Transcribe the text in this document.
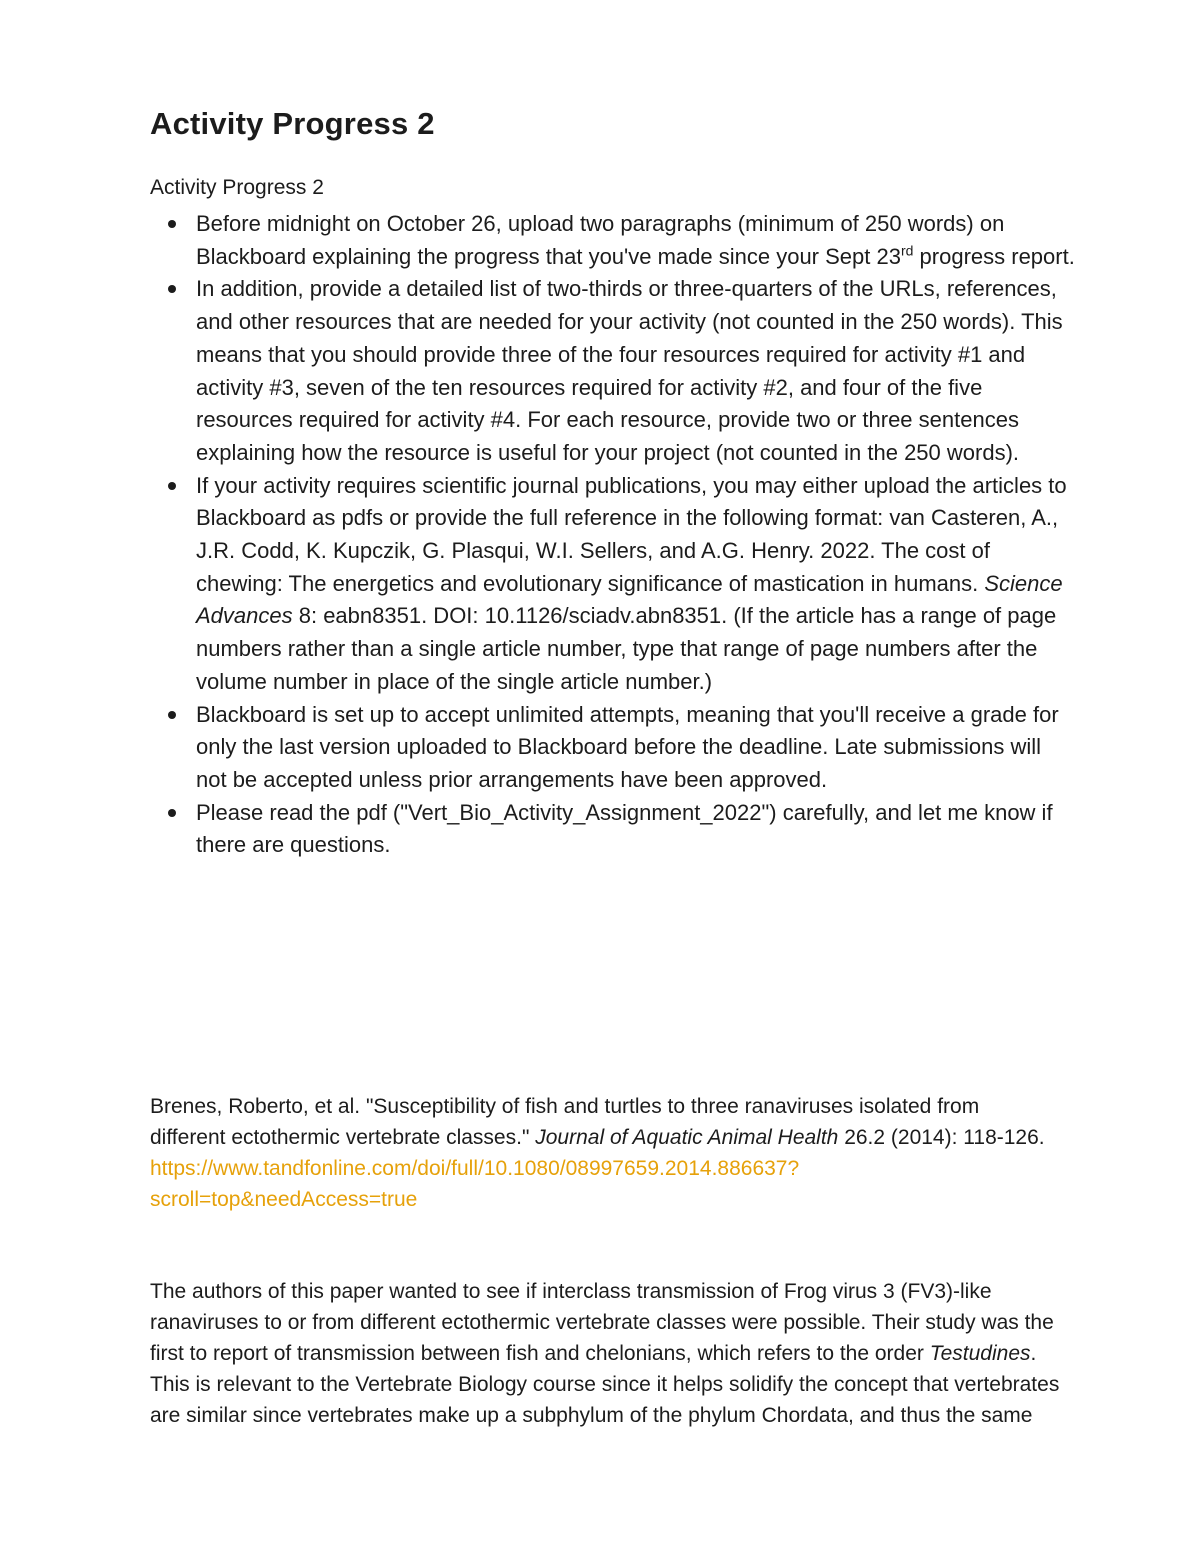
Activity Progress 2

Activity Progress 2

Before midnight on October 26, upload two paragraphs (minimum of 250 words) on Blackboard explaining the progress that you've made since your Sept 23rd progress report.
In addition, provide a detailed list of two-thirds or three-quarters of the URLs, references, and other resources that are needed for your activity (not counted in the 250 words). This means that you should provide three of the four resources required for activity #1 and activity #3, seven of the ten resources required for activity #2, and four of the five resources required for activity #4. For each resource, provide two or three sentences explaining how the resource is useful for your project (not counted in the 250 words).
If your activity requires scientific journal publications, you may either upload the articles to Blackboard as pdfs or provide the full reference in the following format: van Casteren, A., J.R. Codd, K. Kupczik, G. Plasqui, W.I. Sellers, and A.G. Henry. 2022. The cost of chewing: The energetics and evolutionary significance of mastication in humans. Science Advances 8: eabn8351. DOI: 10.1126/sciadv.abn8351. (If the article has a range of page numbers rather than a single article number, type that range of page numbers after the volume number in place of the single article number.)
Blackboard is set up to accept unlimited attempts, meaning that you'll receive a grade for only the last version uploaded to Blackboard before the deadline. Late submissions will not be accepted unless prior arrangements have been approved.
Please read the pdf ("Vert_Bio_Activity_Assignment_2022") carefully, and let me know if there are questions.

Brenes, Roberto, et al. "Susceptibility of fish and turtles to three ranaviruses isolated from different ectothermic vertebrate classes." Journal of Aquatic Animal Health 26.2 (2014): 118-126.
https://www.tandfonline.com/doi/full/10.1080/08997659.2014.886637?
scroll=top&needAccess=true

The authors of this paper wanted to see if interclass transmission of Frog virus 3 (FV3)-like ranaviruses to or from different ectothermic vertebrate classes were possible. Their study was the first to report of transmission between fish and chelonians, which refers to the order Testudines. This is relevant to the Vertebrate Biology course since it helps solidify the concept that vertebrates are similar since vertebrates make up a subphylum of the phylum Chordata, and thus the same
